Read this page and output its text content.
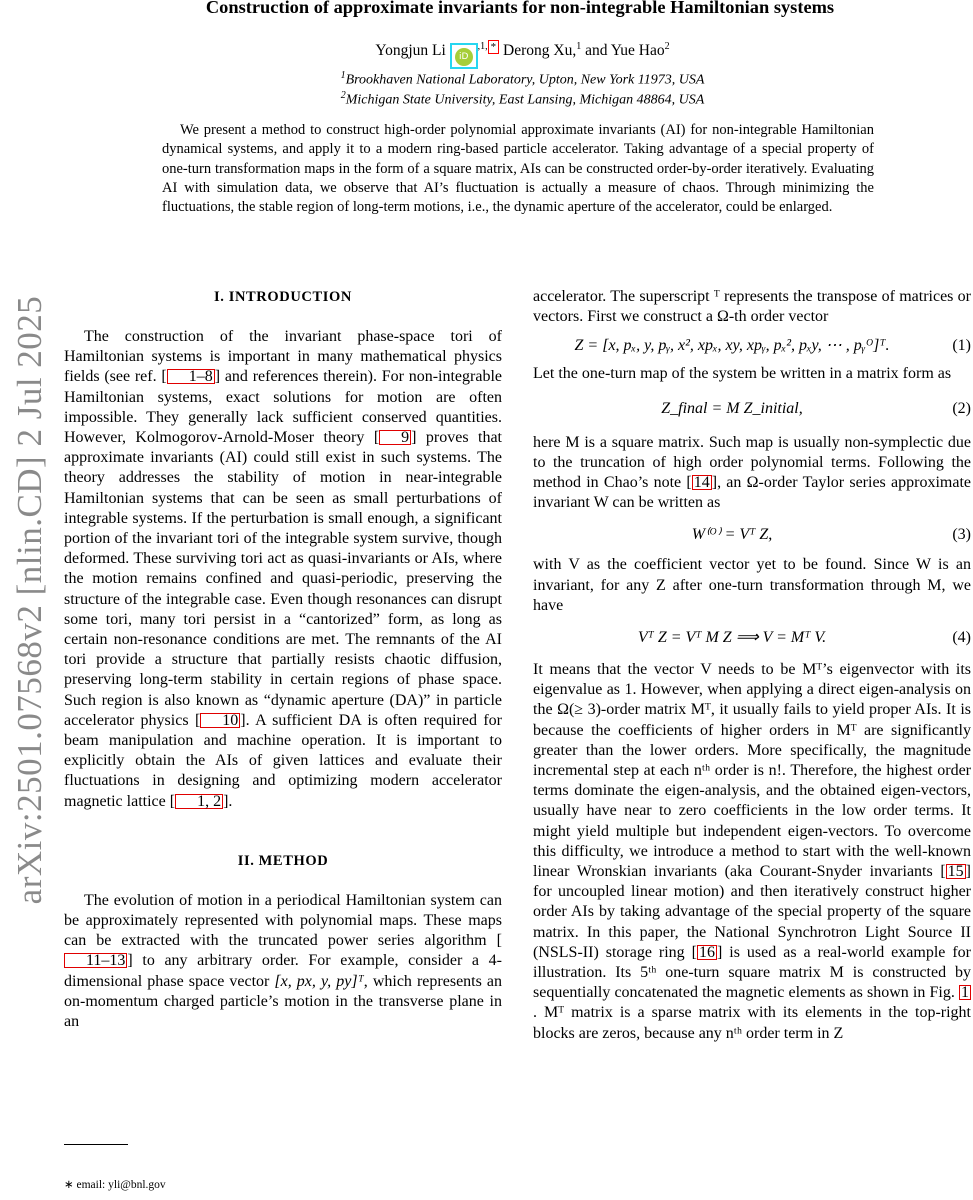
arXiv:2501.07568v2 [nlin.CD] 2 Jul 2025
Construction of approximate invariants for non-integrable Hamiltonian systems
Yongjun Li $iD^{,1,}$ * Derong Xu,$^1$ and Yue Hao$^2$
$^1$Brookhaven National Laboratory, Upton, New York 11973, USA
$^2$Michigan State University, East Lansing, Michigan 48864, USA
We present a method to construct high-order polynomial approximate invariants (AI) for non-integrable Hamiltonian dynamical systems, and apply it to a modern ring-based particle accelerator. Taking advantage of a special property of one-turn transformation maps in the form of a square matrix, AIs can be constructed order-by-order iteratively. Evaluating AI with simulation data, we observe that AI’s fluctuation is actually a measure of chaos. Through minimizing the fluctuations, the stable region of long-term motions, i.e., the dynamic aperture of the accelerator, could be enlarged.
I. INTRODUCTION

The construction of the invariant phase-space tori of Hamiltonian systems is important in many mathematical physics fields (see ref. [ 1–8 ] and references therein). For non-integrable Hamiltonian systems, exact solutions for motion are often impossible. They generally lack sufficient conserved quantities. However, Kolmogorov-Arnold-Moser theory [ 9 ] proves that approximate invariants (AI) could still exist in such systems. The theory addresses the stability of motion in near-integrable Hamiltonian systems that can be seen as small perturbations of integrable systems. If the perturbation is small enough, a significant portion of the invariant tori of the integrable system survive, though deformed. These surviving tori act as quasi-invariants or AIs, where the motion remains confined and quasi-periodic, preserving the structure of the integrable case. Even though resonances can disrupt some tori, many tori persist in a “cantorized” form, as long as certain non-resonance conditions are met. The remnants of the AI tori provide a structure that partially resists chaotic diffusion, preserving long-term stability in certain regions of phase space. Such region is also known as “dynamic aperture (DA)” in particle accelerator physics [ 10 ]. A sufficient DA is often required for beam manipulation and machine operation. It is important to explicitly obtain the AIs of given lattices and evaluate their fluctuations in designing and optimizing modern accelerator magnetic lattice [ 1, 2 ].

II. METHOD

The evolution of motion in a periodical Hamiltonian system can be approximately represented with polynomial maps. These maps can be extracted with the truncated power series algorithm [11–13 ] to any arbitrary order. For example, consider a 4-dimensional phase space vector [x, px, y, py]ᵀ, which represents an on-momentum charged particle’s motion in the transverse plane in an

∗ email: yli@bnl.gov

accelerator. The superscript ᵀ represents the transpose of matrices or vectors. First we construct a Ω-th order vector

Z = [x, pₓ, y, pᵧ, x², xpₓ, xy, xpᵧ, pₓ², pₓy, ⋯ , pᵧᴼ]ᵀ.	(1)

Let the one-turn map of the system be written in a matrix form as

Z_final = M Z_initial,	(2)

here M is a square matrix. Such map is usually non-symplectic due to the truncation of high order polynomial terms. Following the method in Chao’s note [ 14 ], an Ω-order Taylor series approximate invariant W can be written as

W⁽ᴼ⁾ = Vᵀ Z,	(3)

with V as the coefficient vector yet to be found. Since W is an invariant, for any Z after one-turn transformation through M, we have

Vᵀ Z = Vᵀ M Z ⟹ V = Mᵀ V.	(4)

It means that the vector V needs to be Mᵀ’s eigenvector with its eigenvalue as 1. However, when applying a direct eigen-analysis on the Ω(≥ 3)-order matrix Mᵀ, it usually fails to yield proper AIs. It is because the coefficients of higher orders in Mᵀ are significantly greater than the lower orders. More specifically, the magnitude incremental step at each nᵗʰ order is n!. Therefore, the highest order terms dominate the eigen-analysis, and the obtained eigen-vectors, usually have near to zero coefficients in the low order terms. It might yield multiple but independent eigen-vectors. To overcome this difficulty, we introduce a method to start with the well-known linear Wronskian invariants (aka Courant-Snyder invariants [ 15 ] for uncoupled linear motion) and then iteratively construct higher order AIs by taking advantage of the special property of the square matrix. In this paper, the National Synchrotron Light Source II (NSLS-II) storage ring [ 16 ] is used as a real-world example for illustration. Its 5ᵗʰ one-turn square matrix M is constructed by sequentially concatenated the magnetic elements as shown in Fig. 1. Mᵀ matrix is a sparse matrix with its elements in the top-right blocks are zeros, because any nᵗʰ order term in Z
